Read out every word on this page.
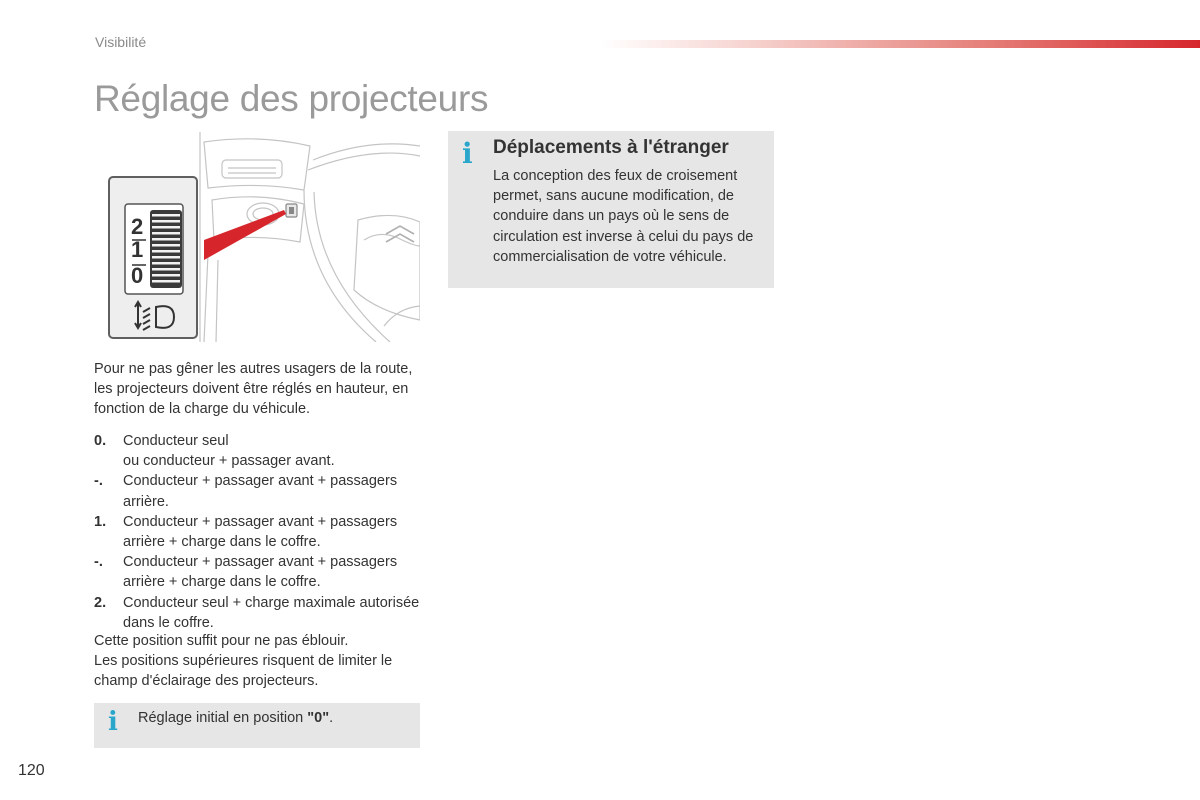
Visibilité
Réglage des projecteurs
2
1
0
Pour ne pas gêner les autres usagers de la route, les projecteurs doivent être réglés en hauteur, en fonction de la charge du véhicule.
0.	Conducteur seul
ou conducteur + passager avant.
-.	Conducteur + passager avant + passagers arrière.
1.	Conducteur + passager avant + passagers arrière + charge dans le coffre.
-.	Conducteur + passager avant + passagers arrière + charge dans le coffre.
2.	Conducteur seul + charge maximale autorisée dans le coffre.
Cette position suffit pour ne pas éblouir.
Les positions supérieures risquent de limiter le champ d'éclairage des projecteurs.
i Réglage initial en position "0".
i Déplacements à l'étranger
La conception des feux de croisement permet, sans aucune modification, de conduire dans un pays où le sens de circulation est inverse à celui du pays de commercialisation de votre véhicule.
120
